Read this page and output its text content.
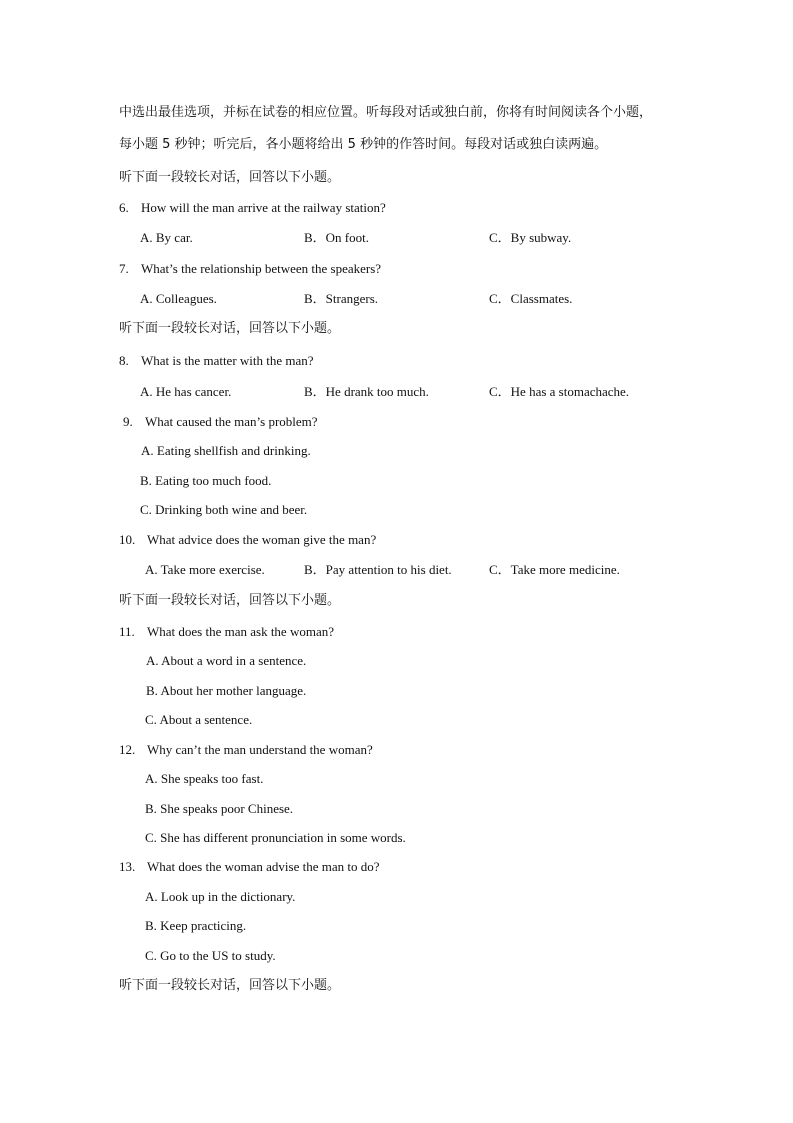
中选出最佳选项，并标在试卷的相应位置。听每段对话或独白前，你将有时间阅读各个小题，
每小题 5 秒钟；听完后，各小题将给出 5 秒钟的作答时间。每段对话或独白读两遍。
听下面一段较长对话，回答以下小题。
6. How will the man arrive at the railway station?
A. By car.	B．On foot.	C．By subway.
7. What’s the relationship between the speakers?
A. Colleagues.	B．Strangers.	C．Classmates.
听下面一段较长对话，回答以下小题。
8. What is the matter with the man?
A. He has cancer.	B．He drank too much.	C．He has a stomachache.
9. What caused the man’s problem?
A. Eating shellfish and drinking.
B. Eating too much food.
C. Drinking both wine and beer.
10. What advice does the woman give the man?
A. Take more exercise.	B．Pay attention to his diet.	C．Take more medicine.
听下面一段较长对话，回答以下小题。
11. What does the man ask the woman?
A. About a word in a sentence.
B. About her mother language.
C. About a sentence.
12. Why can’t the man understand the woman?
A. She speaks too fast.
B. She speaks poor Chinese.
C. She has different pronunciation in some words.
13. What does the woman advise the man to do?
A. Look up in the dictionary.
B. Keep practicing.
C. Go to the US to study.
听下面一段较长对话，回答以下小题。
